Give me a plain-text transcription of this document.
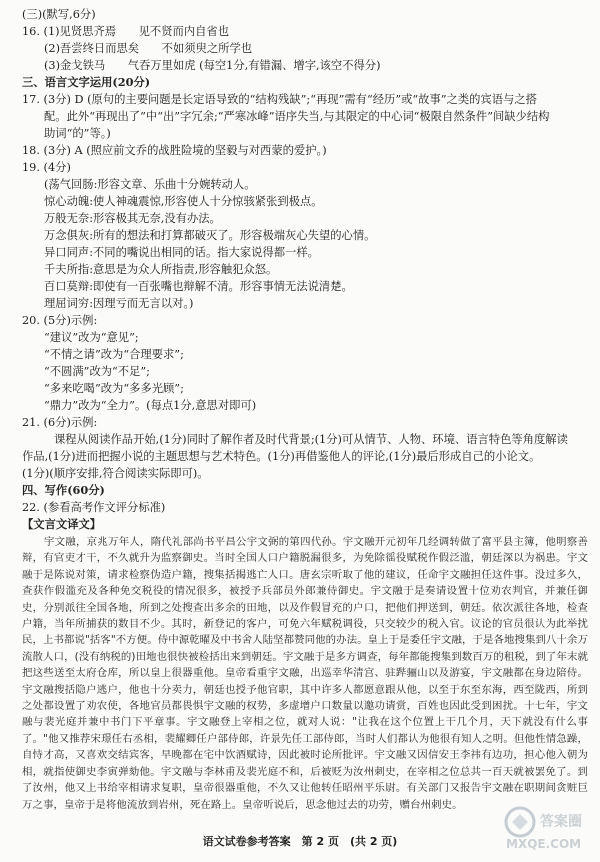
(三)(默写,6分)
16. (1)见贤思齐焉　　见不贤而内自省也
(2)吾尝终日而思矣　　不如须臾之所学也
(3)金戈铁马　　气吞万里如虎 (每空1分,有错漏、增字,该空不得分)
三、语言文字运用(20分)
17. (3分) D (原句的主要问题是长定语导致的“结构残缺”;“再现”需有“经历”或“故事”之类的宾语与之搭
配。此外“再现出了”中“出”字冗余;“严寒冰峰”语序失当,与其限定的中心词“极限自然条件”间缺少结构
助词“的”等。)
18. (3分) A (照应前文乔的战胜险境的坚毅与对西蒙的爱护。)
19. (4分)
(荡气回肠:形容文章、乐曲十分婉转动人。
惊心动魄:使人神魂震惊,形容使人十分惊骇紧张到极点。
万般无奈:形容极其无奈,没有办法。
万念俱灰:所有的想法和打算都破灭了。形容极端灰心失望的心情。
异口同声:不同的嘴说出相同的话。指大家说得都一样。
千夫所指:意思是为众人所指责,形容触犯众怒。
百口莫辩:即使有一百张嘴也辩解不清。形容事情无法说清楚。
理屈词穷:因理亏而无言以对。)
20. (5分)示例:
“建议”改为“意见”;
“不情之请”改为“合理要求”;
“不圆满”改为“不足”;
“多来吃喝”改为“多多光顾”;
“鼎力”改为“全力”。(每点1分,意思对即可)
21. (6分)示例:
课程从阅读作品开始,(1分)同时了解作者及时代背景;(1分)可从情节、人物、环境、语言特色等角度解读
作品,(1分)进而把握小说的主题思想与艺术特色。(1分)再借鉴他人的评论,(1分)最后形成自己的小论文。
(1分)(顺序安排,符合阅读实际即可)。
四、写作(60分)
22. (参看高考作文评分标准)
【文言文译文】
宇文融，京兆万年人，隋代礼部尚书平昌公宇文弼的第四代孙。宇文融开元初年几经调转做了富平县主簿，他明察善辩，有官吏才干，不久就升为监察御史。当时全国人口户籍脱漏很多，为免除徭役赋税作假泛滥，朝廷深以为祸患。宇文融于是陈说对策，请求检察伪造户籍，搜集括揭逃亡人口。唐玄宗听取了他的建议，任命宇文融担任这件事。没过多久，查获作假滥充及各种免交税役的情况很多，被授予兵部员外郎兼侍御史。宇文融于是奏请设置十位劝农判官，并兼任御史，分别派往全国各地，所到之处搜查出多余的田地，以及作假冒充的户口，把他们押送到，朝廷。依次派往各地，检查户籍，当年所捕获的数目不少。其时，新登记的客户，可免六年赋税调役，只交较少的税入官。议论的官员很认为此举扰民，上书都说"括客"不方便。侍中源乾曜及中书舍人陆坚都赞同他的办法。皇上于是委任宇文融，于是各地搜集到八十余万流散人口，(没有纳税的)田地也很快被检括出来到朝廷。宇文融于是多方调查，每年都能搜集到数百万的租税，到了年末就把这些送至太府仓库，所以皇上很器重他。皇帝看重宇文融，出巡幸华清宫、驻跸骊山以及游宴，宇文融都在身边陪侍。宇文融搜括隐户逃户，他也十分卖力，朝廷也授予他官职，其中许多人都愿意跟从他，以至于东至东海，西至陇西，所到之处都设置了劝农使，各地官员都畏惧宇文融的权势，多虚增户口数量以邀功请赏，百姓也因此受到困扰。十七年，宇文融与裴光庭并兼中书门下平章事。宇文融登上宰相之位，就对人说："让我在这个位置上干几个月，天下就没有什么事了。"他又推荐宋璟任右丞相，裴耀卿任户部侍郎，许景先任工部侍郎，当时人们都认为他很有知人之明。但他性情急躁，自恃才高，又喜欢交结宾客，早晚都在宅中饮酒赋诗，因此被时论所批评。宇文融又因信安王李祎有边功，担心他入朝为相，就指使御史李寅弹劾他。宇文融与李林甫及裴光庭不和，后被贬为汝州刺史，在宰相之位总共一百天就被罢免了。到了汝州，他又上书给宰相请求复职，皇帝很器重他，不久又让他转任昭州平乐尉。有关部门又报告宇文融在职期间贪赃巨万之事，皇帝于是将他流放到岩州，死在路上。皇帝听说后，思念他过去的功劳，赠台州刺史。
语文试卷参考答案　第 2 页　(共 2 页)
答案圈
MXQE.COM
